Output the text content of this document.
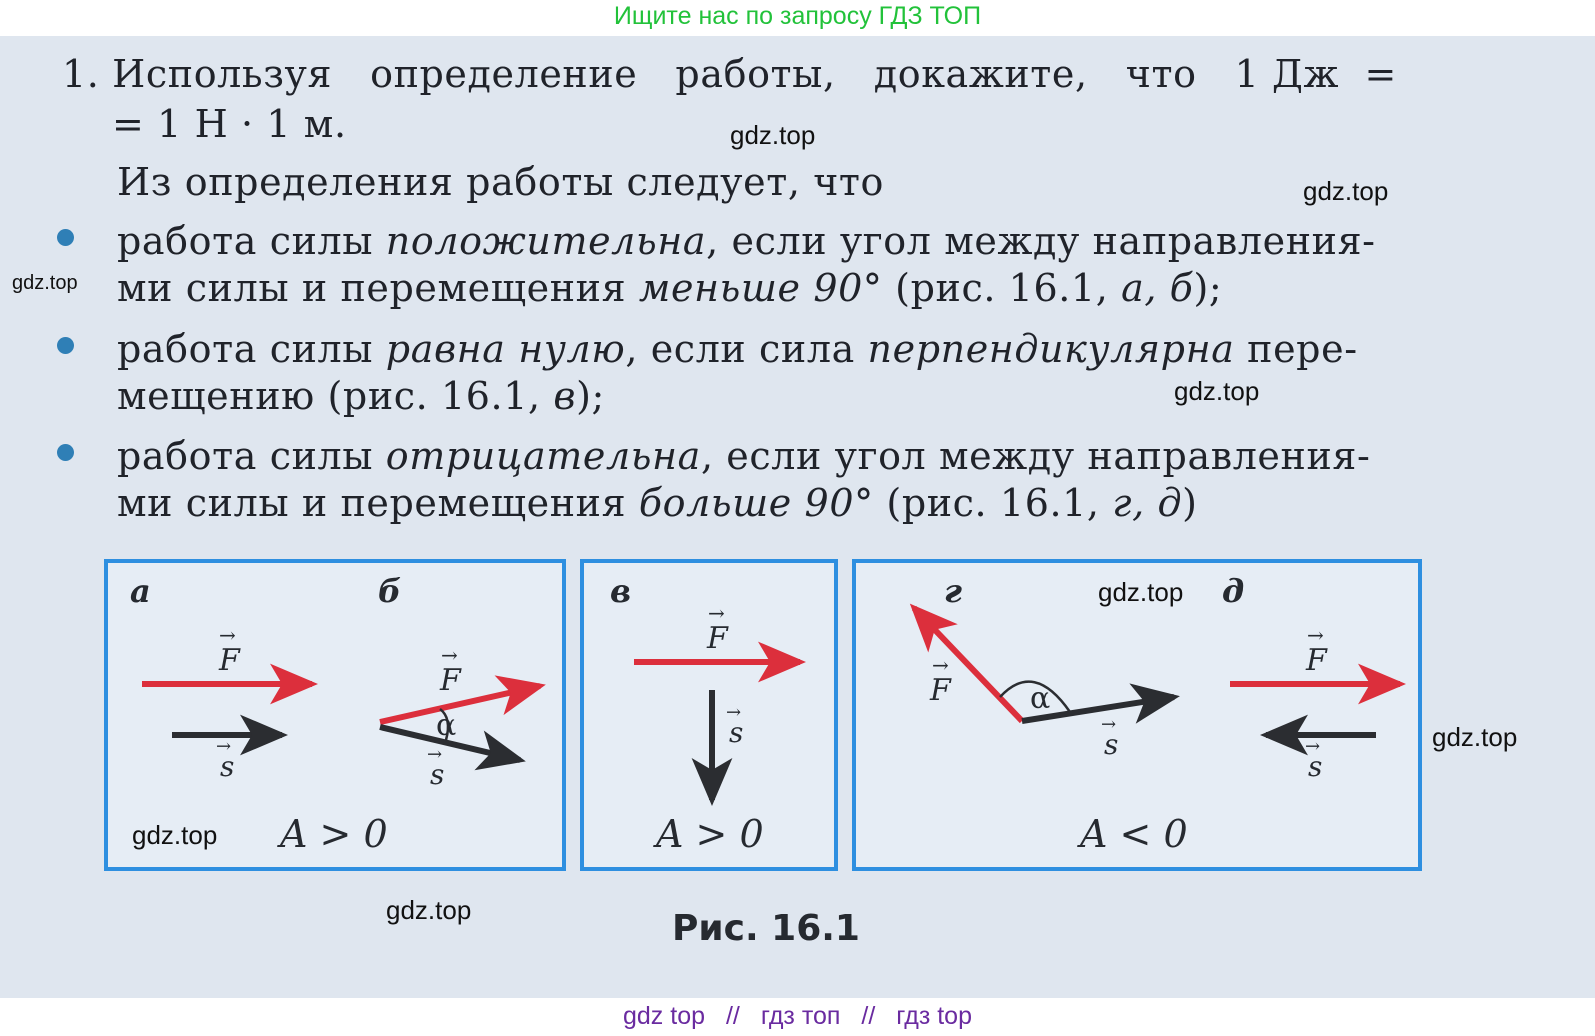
Ищите нас по запросу ГДЗ ТОП
1. Используя   определение   работы,   докажите,   что   1 Дж  =
= 1 Н · 1 м.
Из определения работы следует, что
работа силы положительна, если угол между направления-
ми силы и перемещения меньше 90° (рис. 16.1, а, б);
работа силы равна нулю, если сила перпендикулярна пере-
мещению (рис. 16.1, в);
работа силы отрицательна, если угол между направления-
ми силы и перемещения больше 90° (рис. 16.1, г, д)
а	б	в	г	д
F
→
s
→
F
→
α
s
→
F
→
s
→
F
→
α
s
→
F
→
s
→
A > 0	A > 0	A < 0
Рис. 16.1
gdz.top
gdz.top
gdz.top
gdz.top
gdz.top
gdz.top
gdz.top
gdz.top
gdz top // гдз топ // гдз top
